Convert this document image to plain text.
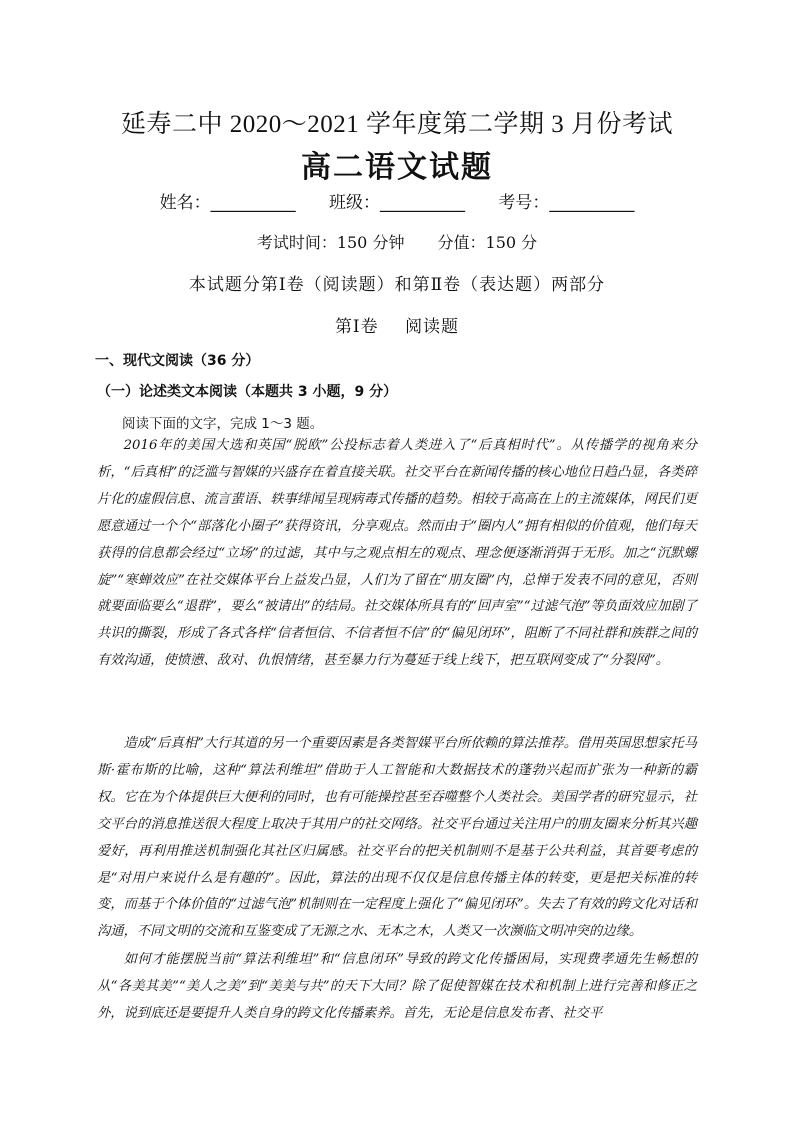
延寿二中 2020～2021 学年度第二学期 3 月份考试
高二语文试题
姓名：__________ 班级：__________ 考号：__________
考试时间：150 分钟 分值：150 分
本试题分第Ⅰ卷（阅读题）和第Ⅱ卷（表达题）两部分
第Ⅰ卷 阅读题
一、现代文阅读（36 分）
（一）论述类文本阅读（本题共 3 小题，9 分）
阅读下面的文字，完成 1～3 题。

2016年的美国大选和英国“脱欧”公投标志着人类进入了“后真相时代”。从传播学的视角来分析，“后真相”的泛滥与智媒的兴盛存在着直接关联。社交平台在新闻传播的核心地位日趋凸显，各类碎片化的虚假信息、流言蜚语、轶事绯闻呈现病毒式传播的趋势。相较于高高在上的主流媒体，网民们更愿意通过一个个“部落化小圈子”获得资讯，分享观点。然而由于“圈内人”拥有相似的价值观，他们每天获得的信息都会经过“立场”的过滤，其中与之观点相左的观点、理念便逐渐消弭于无形。加之“沉默螺旋”“寒蝉效应”在社交媒体平台上益发凸显，人们为了留在“朋友圈”内，总惮于发表不同的意见，否则就要面临要么“退群”，要么“被请出”的结局。社交媒体所具有的“回声室”“过滤气泡”等负面效应加剧了共识的撕裂，形成了各式各样“信者恒信、不信者恒不信”的“偏见闭环”，阻断了不同社群和族群之间的有效沟通，使愤懑、敌对、仇恨情绪，甚至暴力行为蔓延于线上线下，把互联网变成了“分裂网”。

造成“后真相”大行其道的另一个重要因素是各类智媒平台所依赖的算法推荐。借用英国思想家托马斯·霍布斯的比喻，这种“算法利维坦”借助于人工智能和大数据技术的蓬勃兴起而扩张为一种新的霸权。它在为个体提供巨大便利的同时，也有可能操控甚至吞噬整个人类社会。美国学者的研究显示，社交平台的消息推送很大程度上取决于其用户的社交网络。社交平台通过关注用户的朋友圈来分析其兴趣爱好，再利用推送机制强化其社区归属感。社交平台的把关机制则不是基于公共利益，其首要考虑的是“对用户来说什么是有趣的”。因此，算法的出现不仅仅是信息传播主体的转变，更是把关标准的转变，而基于个体价值的“过滤气泡”机制则在一定程度上强化了“偏见闭环”。失去了有效的跨文化对话和沟通，不同文明的交流和互鉴变成了无源之水、无本之木，人类又一次濒临文明冲突的边缘。

如何才能摆脱当前“算法利维坦”和“信息闭环”导致的跨文化传播困局，实现费孝通先生畅想的从“各美其美”“美人之美”到“美美与共”的天下大同？除了促使智媒在技术和机制上进行完善和修正之外，说到底还是要提升人类自身的跨文化传播素养。首先，无论是信息发布者、社交平
